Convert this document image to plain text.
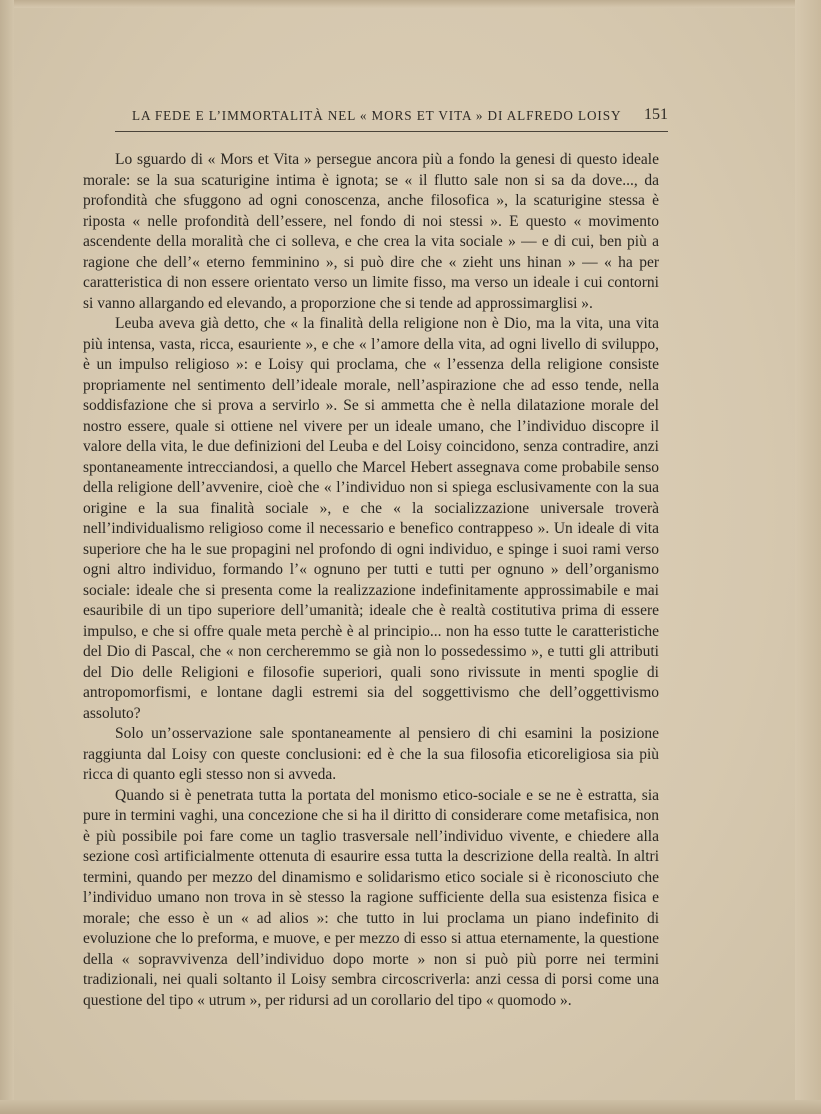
LA FEDE E L’IMMORTALITÀ NEL « MORS ET VITA » DI ALFREDO LOISY 151

Lo sguardo di « Mors et Vita » persegue ancora più a fondo la genesi di questo ideale morale: se la sua scaturigine intima è ignota; se « il flutto sale non si sa da dove..., da profondità che sfuggono ad ogni conoscenza, anche filosofica », la scaturigine stessa è riposta « nelle profondità dell’essere, nel fondo di noi stessi ». E questo « movimento ascendente della moralità che ci solleva, e che crea la vita sociale » — e di cui, ben più a ragione che dell’« eterno femminino », si può dire che « zieht uns hinan » — « ha per caratteristica di non essere orientato verso un limite fisso, ma verso un ideale i cui contorni si vanno allargando ed elevando, a proporzione che si tende ad approssimarglisi ».

Leuba aveva già detto, che « la finalità della religione non è Dio, ma la vita, una vita più intensa, vasta, ricca, esauriente », e che « l’amore della vita, ad ogni livello di sviluppo, è un impulso religioso »: e Loisy qui proclama, che « l’essenza della religione consiste propriamente nel sentimento dell’ideale morale, nell’aspirazione che ad esso tende, nella soddisfazione che si prova a servirlo ». Se si ammetta che è nella dilatazione morale del nostro essere, quale si ottiene nel vivere per un ideale umano, che l’individuo discopre il valore della vita, le due definizioni del Leuba e del Loisy coincidono, senza contradire, anzi spontaneamente intrecciandosi, a quello che Marcel Hebert assegnava come probabile senso della religione dell’avvenire, cioè che « l’individuo non si spiega esclusivamente con la sua origine e la sua finalità sociale », e che « la socializzazione universale troverà nell’individualismo religioso come il necessario e benefico contrappeso ». Un ideale di vita superiore che ha le sue propagini nel profondo di ogni individuo, e spinge i suoi rami verso ogni altro individuo, formando l’« ognuno per tutti e tutti per ognuno » dell’organismo sociale: ideale che si presenta come la realizzazione indefinitamente approssimabile e mai esauribile di un tipo superiore dell’umanità; ideale che è realtà costitutiva prima di essere impulso, e che si offre quale meta perchè è al principio... non ha esso tutte le caratteristiche del Dio di Pascal, che « non cercheremmo se già non lo possedessimo », e tutti gli attributi del Dio delle Religioni e filosofie superiori, quali sono rivissute in menti spoglie di antropomorfismi, e lontane dagli estremi sia del soggettivismo che dell’oggettivismo assoluto?

Solo un’osservazione sale spontaneamente al pensiero di chi esamini la posizione raggiunta dal Loisy con queste conclusioni: ed è che la sua filosofia eticoreligiosa sia più ricca di quanto egli stesso non si avveda.

Quando si è penetrata tutta la portata del monismo etico-sociale e se ne è estratta, sia pure in termini vaghi, una concezione che si ha il diritto di considerare come metafisica, non è più possibile poi fare come un taglio trasversale nell’individuo vivente, e chiedere alla sezione così artificialmente ottenuta di esaurire essa tutta la descrizione della realtà. In altri termini, quando per mezzo del dinamismo e solidarismo etico sociale si è riconosciuto che l’individuo umano non trova in sè stesso la ragione sufficiente della sua esistenza fisica e morale; che esso è un « ad alios »: che tutto in lui proclama un piano indefinito di evoluzione che lo preforma, e muove, e per mezzo di esso si attua eternamente, la questione della « sopravvivenza dell’individuo dopo morte » non si può più porre nei termini tradizionali, nei quali soltanto il Loisy sembra circoscriverla: anzi cessa di porsi come una questione del tipo « utrum », per ridursi ad un corollario del tipo « quomodo ».
